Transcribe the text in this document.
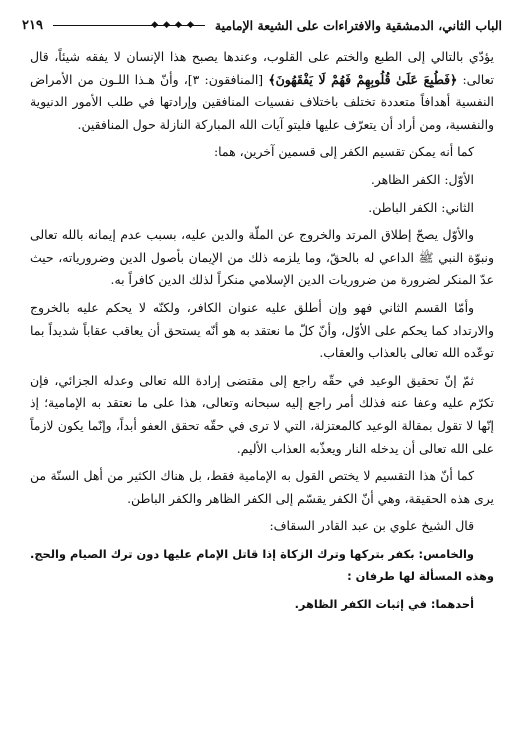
الباب الثاني، الدمشقية والافتراءات على الشيعة الإمامية
◆◆◆◆
٢١٩

يؤدّي بالتالي إلى الطبع والختم على القلوب، وعندها يصبح هذا الإنسان لا يفقه شيئاً، قال تعالى: ﴿فَطُبِعَ عَلَىٰ قُلُوبِهِمْ فَهُمْ لَا يَفْقَهُونَ﴾ [المنافقون: ٣]، وأنّ هـذا اللـون من الأمراض النفسية أهدافاً متعددة تختلف باختلاف نفسيات المنافقين وإرادتها في طلب الأمور الدنيوية والنفسية، ومن أراد أن يتعرّف عليها فليتو آيات الله المباركة النازلة حول المنافقين.

كما أنه يمكن تقسيم الكفر إلى قسمين آخرين، هما:

الأوّل: الكفر الظاهر.

الثاني: الكفر الباطن.

والأوّل يصحّ إطلاق المرتد والخروج عن الملّة والدين عليه، بسبب عدم إيمانه بالله تعالى ونبوّة النبي ﷺ الداعي له بالحقّ، وما يلزمه ذلك من الإيمان بأصول الدين وضرورياته، حيث عدّ المنكر لضرورة من ضروريات الدين الإسلامي منكراً لذلك الدين كافراً به.

وأمّا القسم الثاني فهو وإن أطلق عليه عنوان الكافر، ولكنّه لا يحكم عليه بالخروج والارتداد كما يحكم على الأوّل، وأنّ كلّ ما نعتقد به هو أنّه يستحق أن يعاقب عقاباً شديداً بما توعّده الله تعالى بالعذاب والعقاب.

ثمّ إنّ تحقيق الوعيد في حقّه راجع إلى مقتضى إرادة الله تعالى وعدله الجزائي، فإن تكرّم عليه وعفا عنه فذلك أمر راجع إليه سبحانه وتعالى، هذا على ما نعتقد به الإمامية؛ إذ إنّها لا تقول بمقالة الوعيد كالمعتزلة، التي لا ترى في حقّه تحقق العفو أبداً، وإنّما يكون لازماً على الله تعالى أن يدخله النار ويعذّبه العذاب الأليم.

كما أنّ هذا التقسيم لا يختص القول به الإمامية فقط، بل هناك الكثير من أهل السنّة من يرى هذه الحقيقة، وهي أنّ الكفر يقسّم إلى الكفر الظاهر والكفر الباطن.

قال الشيخ علوي بن عبد القادر السقاف:

والخامس: بكفر بتركها وترك الزكاة إذا قاتل الإمام عليها دون ترك الصيام والحج. وهذه المسألة لها طرفان :

أحدهما: في إثبات الكفر الظاهر.
